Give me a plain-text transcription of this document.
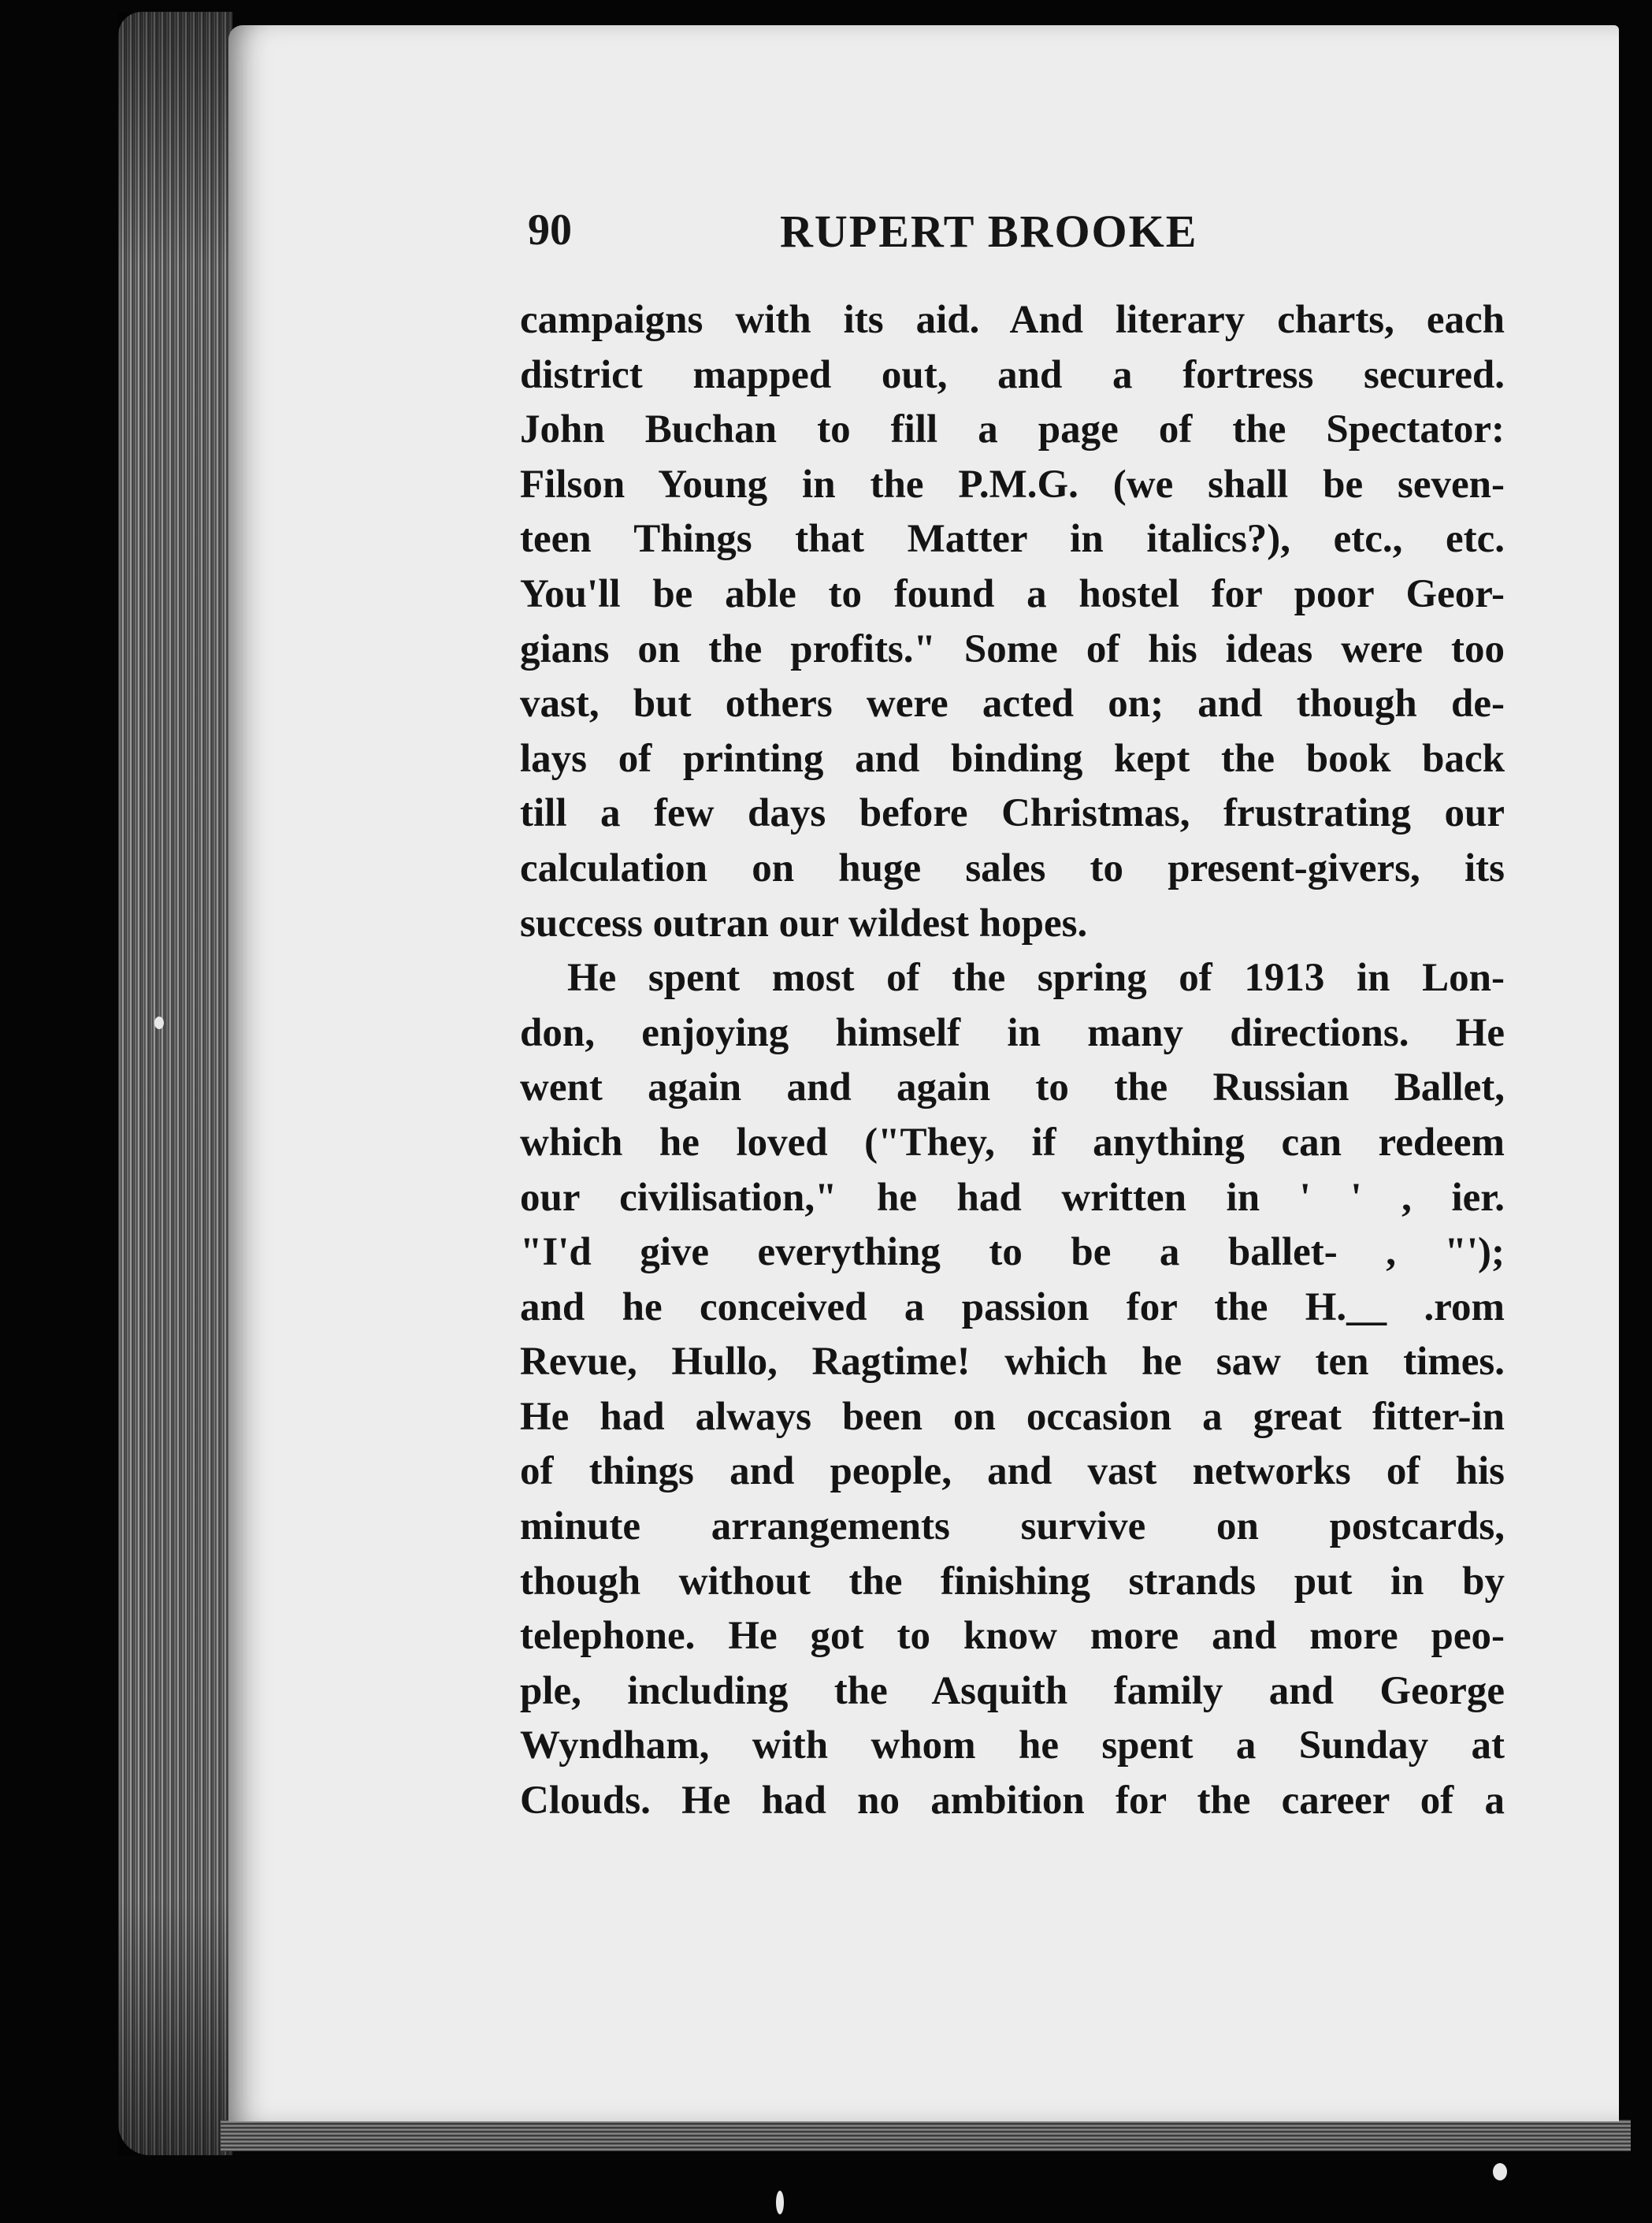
90	RUPERT BROOKE
campaigns with its aid. And literary charts, each
district mapped out, and a fortress secured.
John Buchan to fill a page of the Spectator:
Filson Young in the P.M.G. (we shall be seven-
teen Things that Matter in italics?), etc., etc.
You'll be able to found a hostel for poor Geor-
gians on the profits." Some of his ideas were too
vast, but others were acted on; and though de-
lays of printing and binding kept the book back
till a few days before Christmas, frustrating our
calculation on huge sales to present-givers, its
success outran our wildest hopes.
He spent most of the spring of 1913 in Lon-
don, enjoying himself in many directions. He
went again and again to the Russian Ballet,
which he loved ("They, if anything can redeem
our civilisation," he had written in ' ' , ier.
"I'd give everything to be a ballet- , "');
and he conceived a passion for the H.__ .rom
Revue, Hullo, Ragtime! which he saw ten times.
He had always been on occasion a great fitter-in
of things and people, and vast networks of his
minute arrangements survive on postcards,
though without the finishing strands put in by
telephone. He got to know more and more peo-
ple, including the Asquith family and George
Wyndham, with whom he spent a Sunday at
Clouds. He had no ambition for the career of a
